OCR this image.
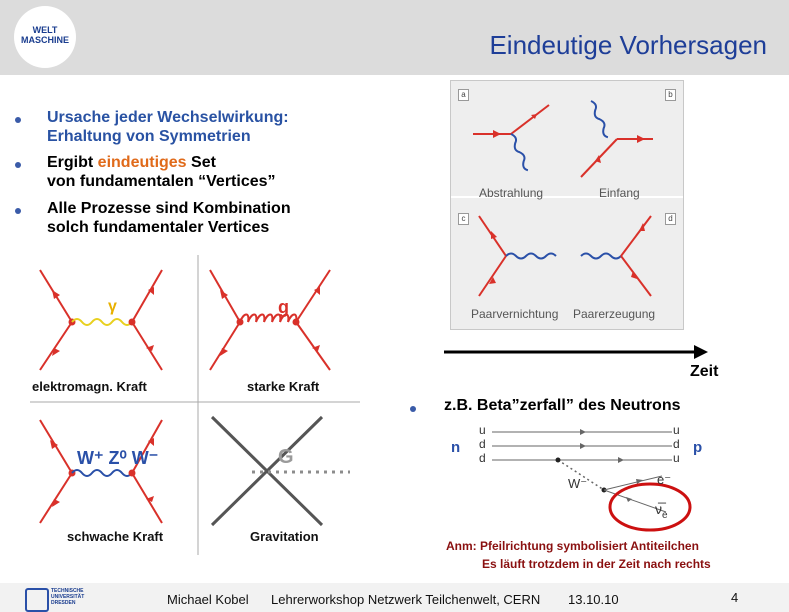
WELT
MASCHINE	Eindeutige Vorhersagen
Ursache jeder Wechselwirkung:
Erhaltung von Symmetrien
Ergibt eindeutiges Set
von fundamentalen “Vertices”
Alle Prozesse sind Kombination
solch fundamentaler Vertices
a	b
c	d
Abstrahlung	Einfang
Paarvernichtung Paarerzeugung
Zeit
γ
elektromagn. Kraft
g
starke Kraft
W⁺ Z⁰ W⁻
schwache Kraft
G
Gravitation
z.B. Beta”zerfall” des Neutrons
n	p
u
d
d
u
d
u
W⁻	e⁻
$\nu̅_e$
Anm: Pfeilrichtung symbolisiert Antiteilchen
Es läuft trotzdem in der Zeit nach rechts
TECHNISCHE
UNIVERSITÄT
DRESDEN	Michael Kobel Lehrerworkshop Netzwerk Teilchenwelt, CERN 13.10.10	4
